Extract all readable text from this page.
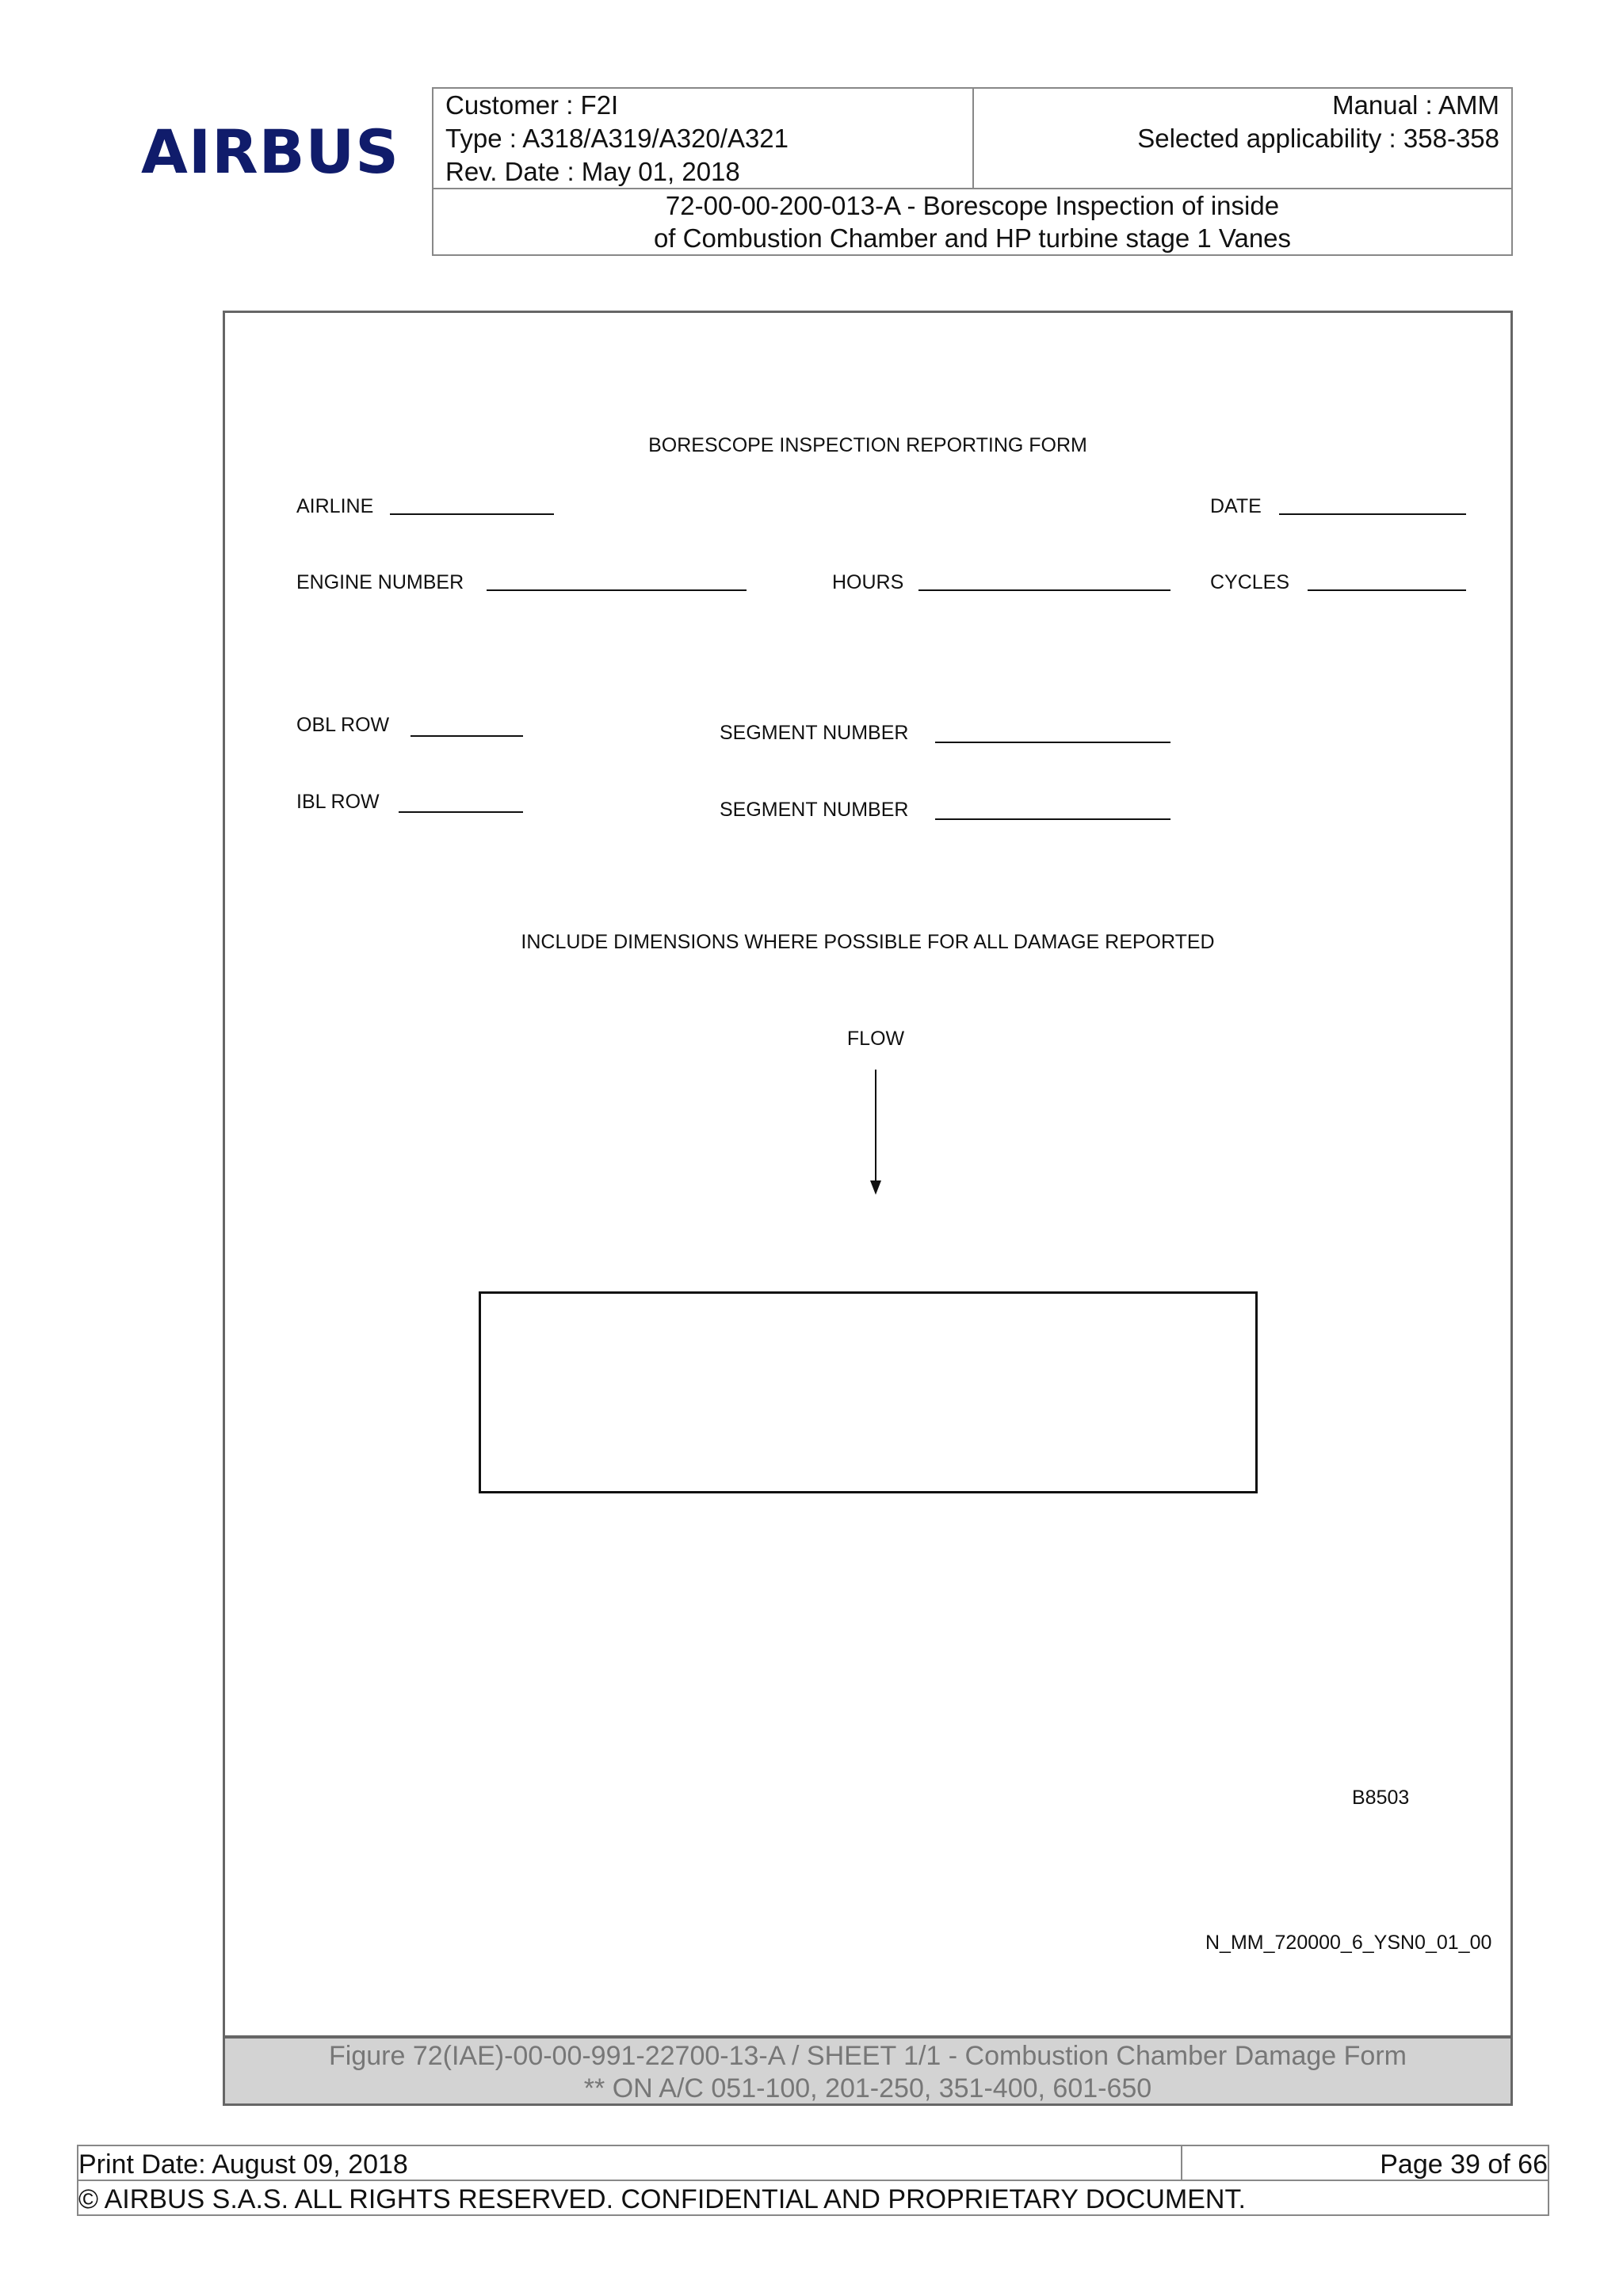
AIRBUS
Customer : F2I
Type : A318/A319/A320/A321
Rev. Date : May 01, 2018
Manual : AMM
Selected applicability : 358-358
72-00-00-200-013-A - Borescope Inspection of inside
of Combustion Chamber and HP turbine stage 1 Vanes
BORESCOPE INSPECTION REPORTING FORM
AIRLINE	DATE
ENGINE NUMBER	HOURS	CYCLES
OBL ROW	SEGMENT NUMBER
IBL ROW	SEGMENT NUMBER
INCLUDE DIMENSIONS WHERE POSSIBLE FOR ALL DAMAGE REPORTED
FLOW
B8503
N_MM_720000_6_YSN0_01_00
Figure 72(IAE)-00-00-991-22700-13-A / SHEET 1/1 - Combustion Chamber Damage Form
** ON A/C 051-100, 201-250, 351-400, 601-650
Print Date: August 09, 2018	Page 39 of 66
© AIRBUS S.A.S. ALL RIGHTS RESERVED. CONFIDENTIAL AND PROPRIETARY DOCUMENT.
